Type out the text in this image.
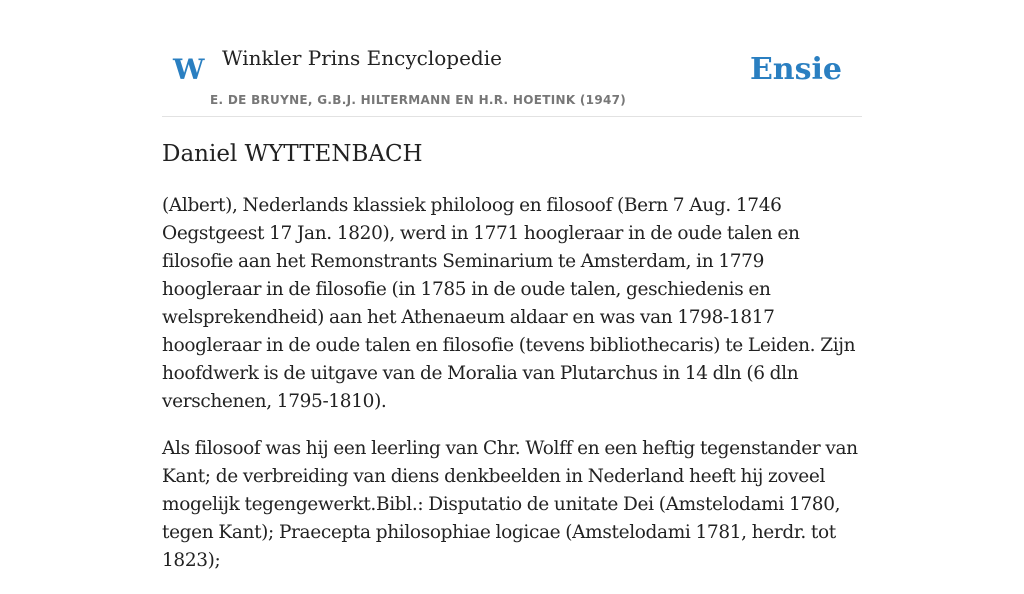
W Winkler Prins Encyclopedie
E. DE BRUYNE, G.B.J. HILTERMANN EN H.R. HOETINK (1947)
Ensie
Daniel WYTTENBACH

(Albert), Nederlands klassiek philoloog en filosoof (Bern 7 Aug. 1746 Oegstgeest 17 Jan. 1820), werd in 1771 hoogleraar in de oude talen en filosofie aan het Remonstrants Seminarium te Amsterdam, in 1779 hoogleraar in de filosofie (in 1785 in de oude talen, geschiedenis en welsprekendheid) aan het Athenaeum aldaar en was van 1798-1817 hoogleraar in de oude talen en filosofie (tevens bibliothecaris) te Leiden. Zijn hoofdwerk is de uitgave van de Moralia van Plutarchus in 14 dln (6 dln verschenen, 1795-1810).

Als filosoof was hij een leerling van Chr. Wolff en een heftig tegenstander van Kant; de verbreiding van diens denkbeelden in Nederland heeft hij zoveel mogelijk tegengewerkt.Bibl.: Disputatio de unitate Dei (Amstelodami 1780, tegen Kant); Praecepta philosophiae logicae (Amstelodami 1781, herdr. tot 1823);
